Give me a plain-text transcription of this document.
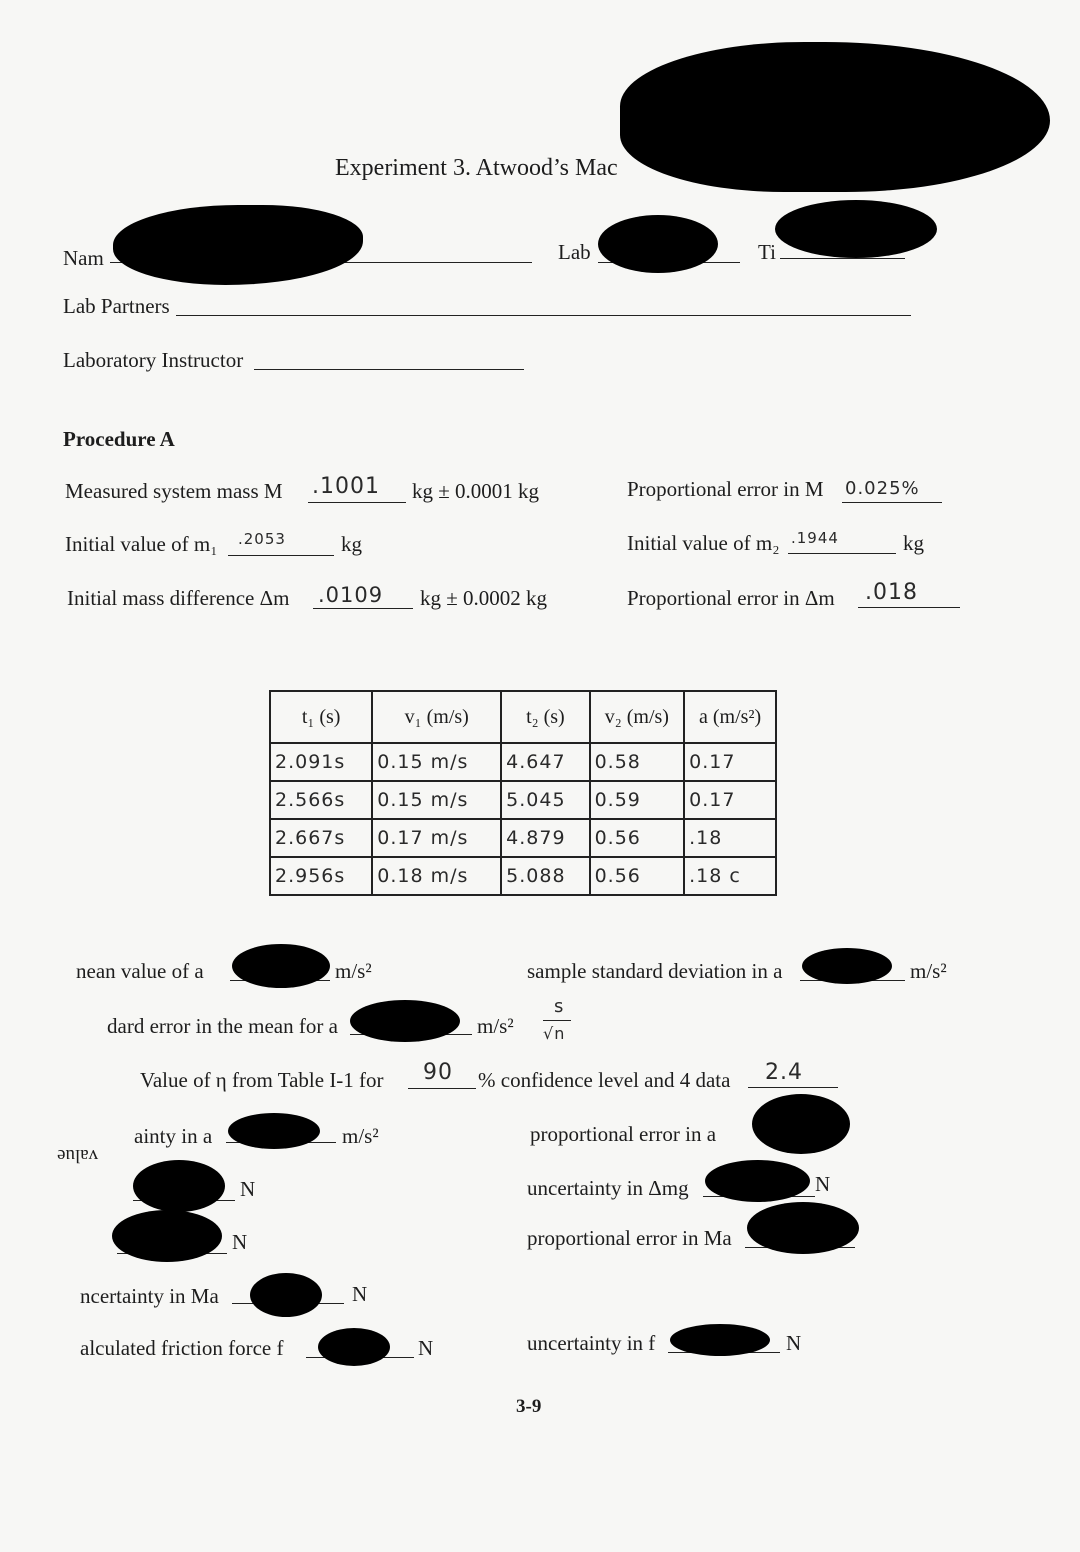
Experiment 3. Atwood’s Mac
Nam	Lab	Ti
Lab Partners
Laboratory Instructor
Procedure A
Measured system mass M .1001 kg ± 0.0001 kg	Proportional error in M 0.025%
Initial value of m₁ .2053	kg	Initial value of m₂ .1944	kg
Initial mass difference Δm .0109 kg ± 0.0002 kg	Proportional error in Δm .018
t₁ (s)	v₁ (m/s)	t₂ (s)	v₂ (m/s)	a (m/s²)
2.091s	0.15 m/s	4.647	0.58	0.17
2.566s	0.15 m/s	5.045	0.59	0.17
2.667s	0.17 m/s	4.879	0.56	.18
2.956s	0.18 m/s	5.088	0.56	.18 c
nean value of a	m/s²	sample standard deviation in a	m/s²
dard error in the mean for a	m/s²
s
√n
Value of η from Table I-1 for 90 % confidence level and 4 data 2.4
ainty in a	m/s²
value
proportional error in a
N	uncertainty in Δmg	N
N	proportional error in Ma
ncertainty in Ma	N
alculated friction force f	N	uncertainty in f	N
3-9
